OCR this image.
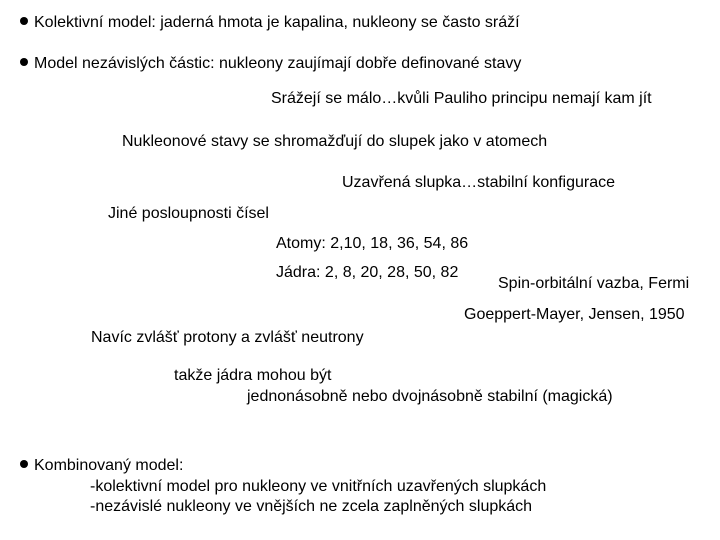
Kolektivní model: jaderná hmota je kapalina, nukleony se často sráží
Model nezávislých částic: nukleony zaujímají dobře definované stavy
Srážejí se málo…kvůli Pauliho principu nemají kam jít
Nukleonové stavy se shromažďují do slupek jako v atomech
Uzavřená slupka…stabilní konfigurace
Jiné posloupnosti čísel
Atomy: 2,10, 18, 36, 54, 86
Jádra: 2, 8, 20, 28, 50, 82
Spin-orbitální vazba, Fermi
Goeppert-Mayer, Jensen, 1950
Navíc zvlášť protony a zvlášť neutrony
takže jádra mohou být
jednonásobně nebo dvojnásobně stabilní (magická)
Kombinovaný model:
-kolektivní model pro nukleony ve vnitřních uzavřených slupkách
-nezávislé nukleony ve vnějších ne zcela zaplněných slupkách
